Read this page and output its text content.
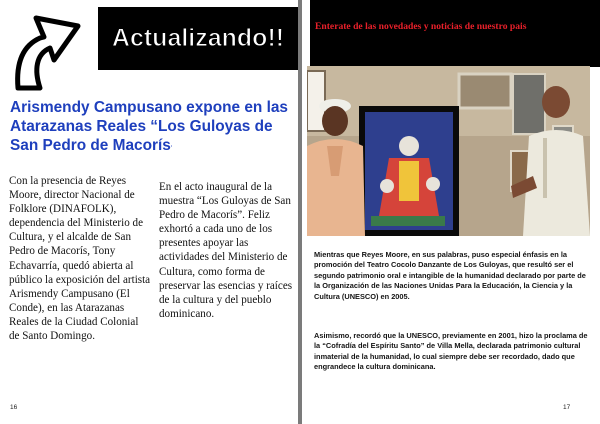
Actualizando!!
Arismendy Campusano expone en las Atarazanas Reales “Los Guloyas de San Pedro de Macorís‘

Con la presencia de Reyes Moore, director Nacional de Folklore (DINAFOLK), dependencia del Ministerio de Cultura, y el alcalde de San Pedro de Macorís, Tony Echavarría, quedó abierta al público la exposición del artista Arismendy Campusano (El Conde), en las Atarazanas Reales de la Ciudad Colonial de Santo Domingo.

En el acto inaugural de la muestra “Los Guloyas de San Pedro de Macorís”. Feliz exhortó a cada uno de los presentes apoyar las actividades del Ministerio de Cultura, como forma de preservar las esencias y raíces de la cultura y del pueblo dominicano.

16
Enterate de las novedades y noticias de nuestro pais

Mientras que Reyes Moore, en sus palabras, puso especial énfasis en la promoción del Teatro Cocolo Danzante de Los Guloyas, que resultó ser el segundo patrimonio oral e intangible de la humanidad declarado por parte de la Organización de las Naciones Unidas Para la Educación, la Ciencia y la Cultura (UNESCO) en 2005.

Asimismo, recordó que la UNESCO, previamente en 2001, hizo la proclama de la “Cofradía del Espíritu Santo” de Villa Mella, declarada patrimonio cultural inmaterial de la humanidad, lo cual siempre debe ser recordado, dado que engrandece la cultura dominicana.

17
